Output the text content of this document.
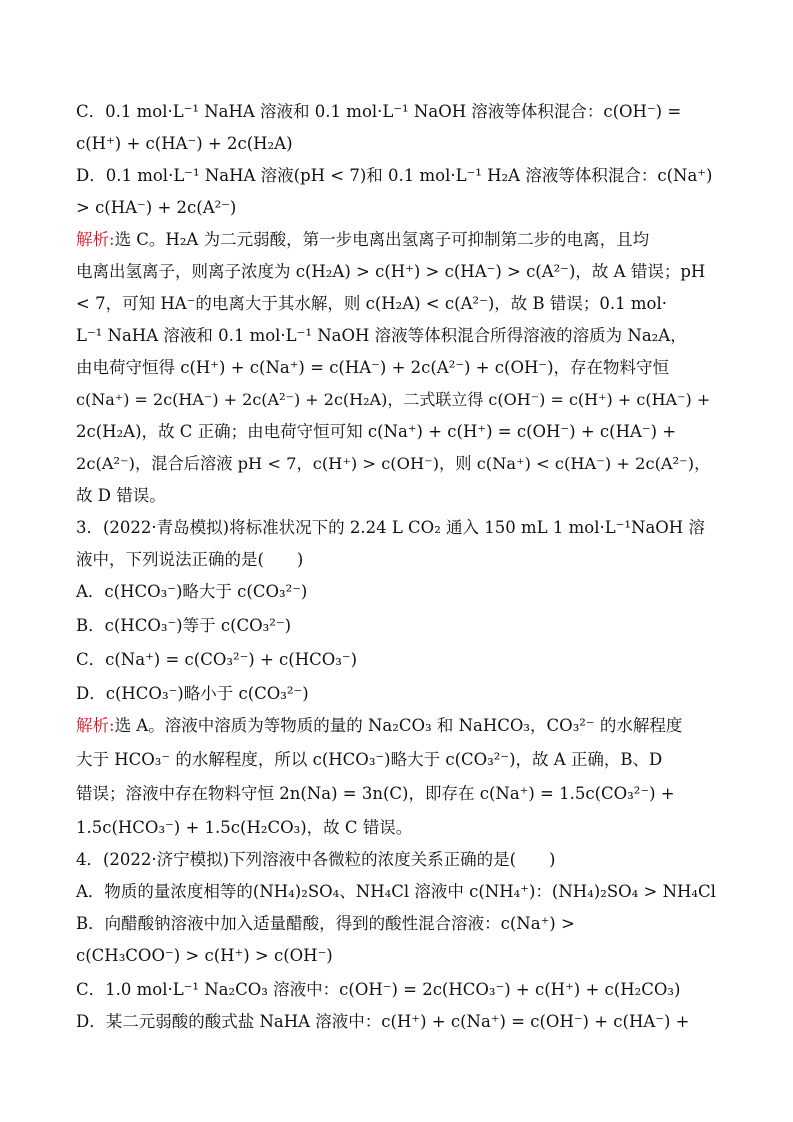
C．0.1 mol·L⁻¹ NaHA 溶液和 0.1 mol·L⁻¹ NaOH 溶液等体积混合：c(OH⁻) =
c(H⁺) + c(HA⁻) + 2c(H₂A)
D．0.1 mol·L⁻¹ NaHA 溶液(pH < 7)和 0.1 mol·L⁻¹ H₂A 溶液等体积混合：c(Na⁺)
> c(HA⁻) + 2c(A²⁻)
解析:选 C。H₂A 为二元弱酸，第一步电离出氢离子可抑制第二步的电离，且均
电离出氢离子，则离子浓度为 c(H₂A) > c(H⁺) > c(HA⁻) > c(A²⁻)，故 A 错误；pH
< 7，可知 HA⁻的电离大于其水解，则 c(H₂A) < c(A²⁻)，故 B 错误；0.1 mol·
L⁻¹ NaHA 溶液和 0.1 mol·L⁻¹ NaOH 溶液等体积混合所得溶液的溶质为 Na₂A，
由电荷守恒得 c(H⁺) + c(Na⁺) = c(HA⁻) + 2c(A²⁻) + c(OH⁻)，存在物料守恒
c(Na⁺) = 2c(HA⁻) + 2c(A²⁻) + 2c(H₂A)，二式联立得 c(OH⁻) = c(H⁺) + c(HA⁻) +
2c(H₂A)，故 C 正确；由电荷守恒可知 c(Na⁺) + c(H⁺) = c(OH⁻) + c(HA⁻) +
2c(A²⁻)，混合后溶液 pH < 7，c(H⁺) > c(OH⁻)，则 c(Na⁺) < c(HA⁻) + 2c(A²⁻)，
故 D 错误。
3．(2022·青岛模拟)将标准状况下的 2.24 L CO₂ 通入 150 mL 1 mol·L⁻¹NaOH 溶
液中，下列说法正确的是(　　)
A．c(HCO₃⁻)略大于 c(CO₃²⁻)
B．c(HCO₃⁻)等于 c(CO₃²⁻)
C．c(Na⁺) = c(CO₃²⁻) + c(HCO₃⁻)
D．c(HCO₃⁻)略小于 c(CO₃²⁻)
解析:选 A。溶液中溶质为等物质的量的 Na₂CO₃ 和 NaHCO₃，CO₃²⁻ 的水解程度
大于 HCO₃⁻ 的水解程度，所以 c(HCO₃⁻)略大于 c(CO₃²⁻)，故 A 正确，B、D
错误；溶液中存在物料守恒 2n(Na) = 3n(C)，即存在 c(Na⁺) = 1.5c(CO₃²⁻) +
1.5c(HCO₃⁻) + 1.5c(H₂CO₃)，故 C 错误。
4．(2022·济宁模拟)下列溶液中各微粒的浓度关系正确的是(　　)
A．物质的量浓度相等的(NH₄)₂SO₄、NH₄Cl 溶液中 c(NH₄⁺)：(NH₄)₂SO₄ > NH₄Cl
B．向醋酸钠溶液中加入适量醋酸，得到的酸性混合溶液：c(Na⁺) >
c(CH₃COO⁻) > c(H⁺) > c(OH⁻)
C．1.0 mol·L⁻¹ Na₂CO₃ 溶液中：c(OH⁻) = 2c(HCO₃⁻) + c(H⁺) + c(H₂CO₃)
D．某二元弱酸的酸式盐 NaHA 溶液中：c(H⁺) + c(Na⁺) = c(OH⁻) + c(HA⁻) +
